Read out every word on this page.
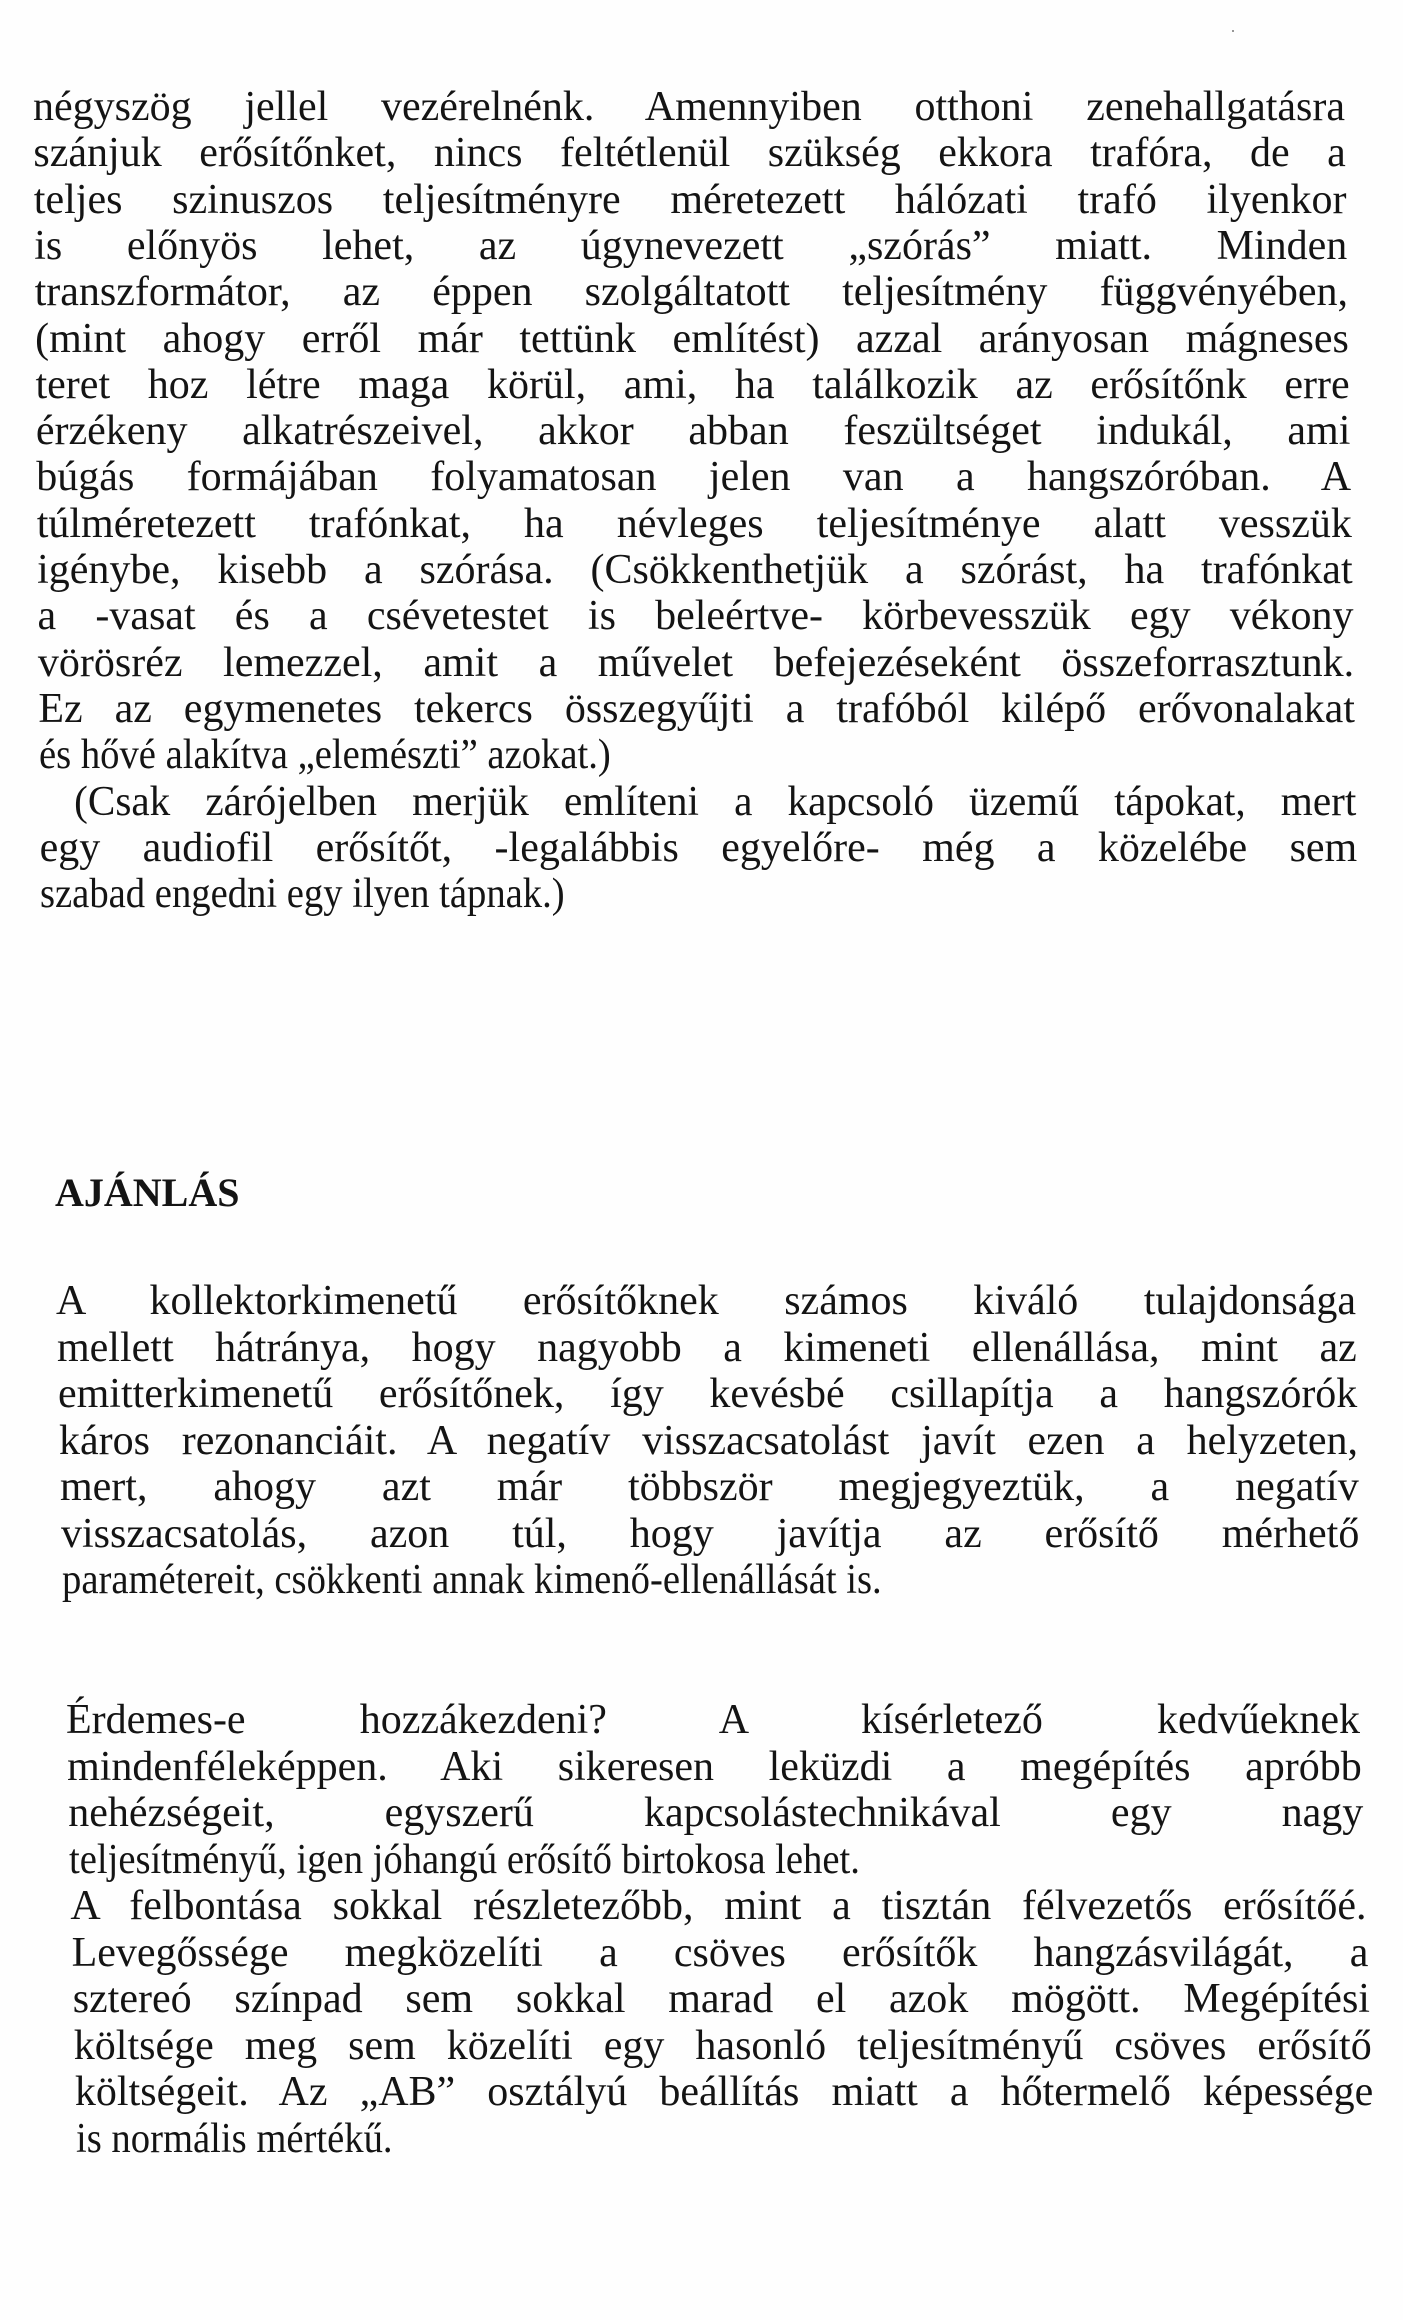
négyszög jellel vezérelnénk. Amennyiben otthoni zenehallgatásra
szánjuk erősítőnket, nincs feltétlenül szükség ekkora trafóra, de a
teljes szinuszos teljesítményre méretezett hálózati trafó ilyenkor
is előnyös lehet, az úgynevezett „szórás” miatt. Minden
transzformátor, az éppen szolgáltatott teljesítmény függvényében,
(mint ahogy erről már tettünk említést) azzal arányosan mágneses
teret hoz létre maga körül, ami, ha találkozik az erősítőnk erre
érzékeny alkatrészeivel, akkor abban feszültséget indukál, ami
búgás formájában folyamatosan jelen van a hangszóróban. A
túlméretezett trafónkat, ha névleges teljesítménye alatt vesszük
igénybe, kisebb a szórása. (Csökkenthetjük a szórást, ha trafónkat
a -vasat és a csévetestet is beleértve- körbevesszük egy vékony
vörösréz lemezzel, amit a művelet befejezéseként összeforrasztunk.
Ez az egymenetes tekercs összegyűjti a trafóból kilépő erővonalakat
és hővé alakítva „elemészti” azokat.)
(Csak zárójelben merjük említeni a kapcsoló üzemű tápokat, mert
egy audiofil erősítőt, -legalábbis egyelőre- még a közelébe sem
szabad engedni egy ilyen tápnak.)
AJÁNLÁS
A kollektorkimenetű erősítőknek számos kiváló tulajdonsága
mellett hátránya, hogy nagyobb a kimeneti ellenállása, mint az
emitterkimenetű erősítőnek, így kevésbé csillapítja a hangszórók
káros rezonanciáit. A negatív visszacsatolást javít ezen a helyzeten,
mert, ahogy azt már többször megjegyeztük, a negatív
visszacsatolás, azon túl, hogy javítja az erősítő mérhető
paramétereit, csökkenti annak kimenő-ellenállását is.
Érdemes-e hozzákezdeni? A kísérletező kedvűeknek
mindenféleképpen. Aki sikeresen leküzdi a megépítés apróbb
nehézségeit, egyszerű kapcsolástechnikával egy nagy
teljesítményű, igen jóhangú erősítő birtokosa lehet.
A felbontása sokkal részletezőbb, mint a tisztán félvezetős erősítőé.
Levegőssége megközelíti a csöves erősítők hangzásvilágát, a
sztereó színpad sem sokkal marad el azok mögött. Megépítési
költsége meg sem közelíti egy hasonló teljesítményű csöves erősítő
költségeit. Az „AB” osztályú beállítás miatt a hőtermelő képessége
is normális mértékű.
